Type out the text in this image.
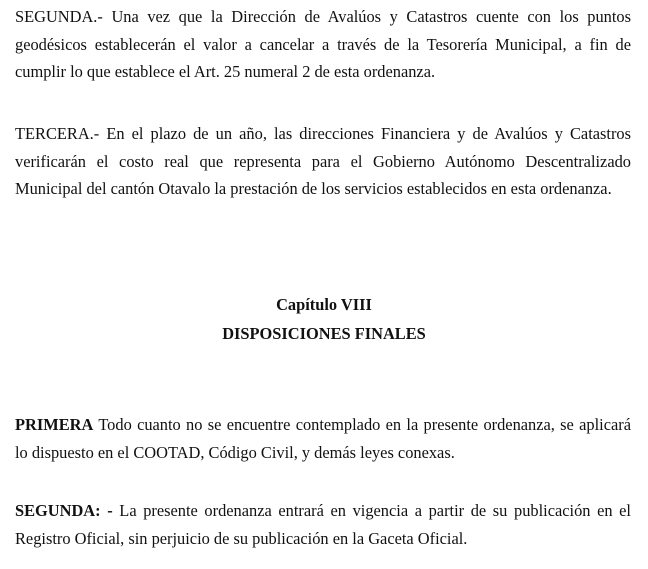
SEGUNDA.- Una vez que la Dirección de Avalúos y Catastros cuente con los puntos geodésicos establecerán el valor a cancelar a través de la Tesorería Municipal, a fin de cumplir lo que establece el Art. 25 numeral 2 de esta ordenanza.

TERCERA.- En el plazo de un año, las direcciones Financiera y de Avalúos y Catastros verificarán el costo real que representa para el Gobierno Autónomo Descentralizado Municipal del cantón Otavalo la prestación de los servicios establecidos en esta ordenanza.

Capítulo VIII
DISPOSICIONES FINALES

PRIMERA Todo cuanto no se encuentre contemplado en la presente ordenanza, se aplicará lo dispuesto en el COOTAD, Código Civil, y demás leyes conexas.

SEGUNDA: - La presente ordenanza entrará en vigencia a partir de su publicación en el Registro Oficial, sin perjuicio de su publicación en la Gaceta Oficial.
